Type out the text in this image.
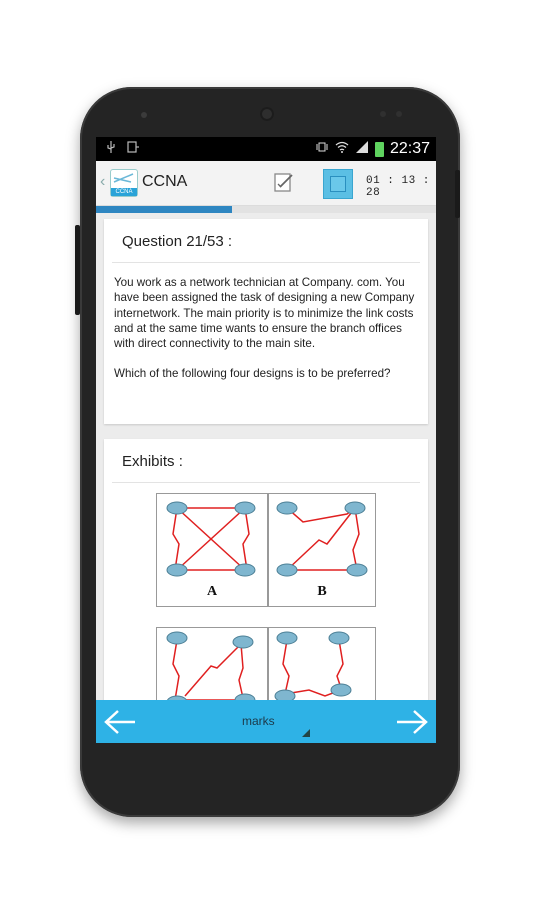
22:37
‹
CCNA
CCNA	01 : 13 : 28
Question 21/53 :

You work as a network technician at Company. com. You have been assigned the task of designing a new Company internetwork. The main priority is to minimize the link costs and at the same time wants to ensure the branch offices with direct connectivity to the main site.

Which of the following four designs is to be preferred?

Exhibits :
A	B
marks
